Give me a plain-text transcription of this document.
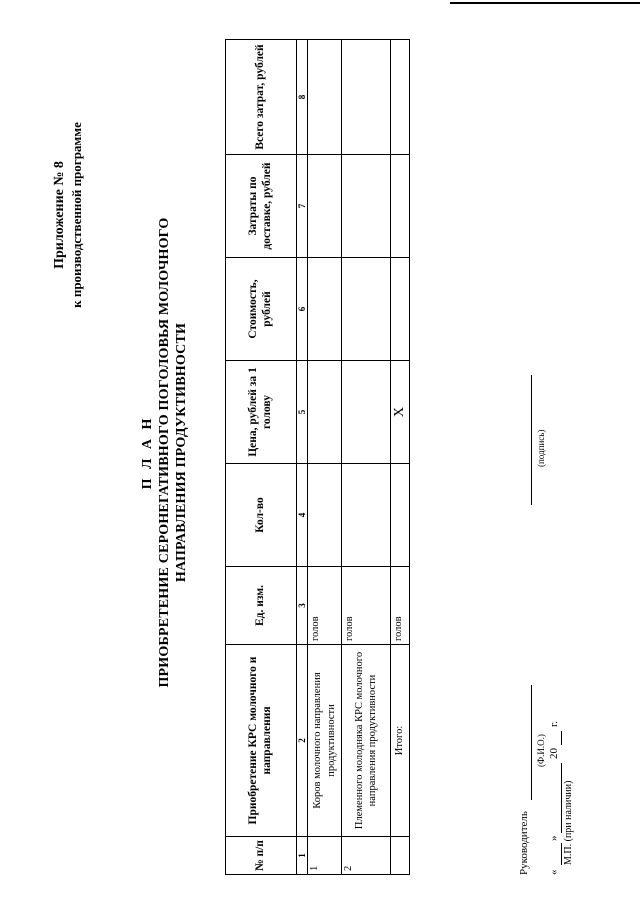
Приложение № 8 к производственной программе
П Л А Н ПРИОБРЕТЕНИЕ СЕРОНЕГАТИВНОГО ПОГОЛОВЬЯ МОЛОЧНОГО НАПРАВЛЕНИЯ ПРОДУКТИВНОСТИ
№ п/п	Приобретение КРС молочного и направления	Ед. изм.	Кол-во	Цена, рублей за 1 голову	Стоимость, рублей	Затраты по доставке, рублей	Всего затрат, рублей
1	2	3	4	5	6	7	8
1	Коров молочного направления продуктивности	голов					
2	Племенного молодняка КРС молочного направления продуктивности	голов					
	Итого:	голов		Х			
Руководитель
(Ф.И.О.)
(подпись)
«
»
20
г.
М.П. (при наличии)
